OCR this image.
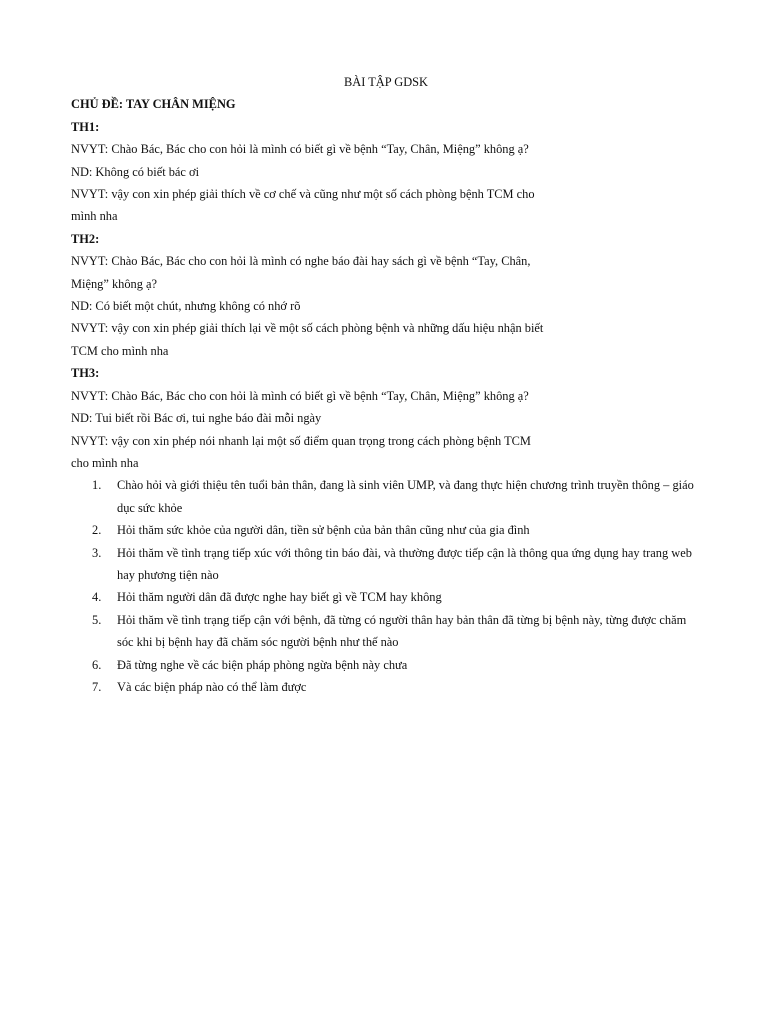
BÀI TẬP GDSK

CHỦ ĐỀ: TAY CHÂN MIỆNG

TH1:

NVYT: Chào Bác, Bác cho con hỏi là mình có biết gì về bệnh “Tay, Chân, Miệng” không ạ?

ND: Không có biết bác ơi

NVYT: vậy con xin phép giải thích về cơ chế và cũng như một số cách phòng bệnh TCM cho mình nha

TH2:

NVYT: Chào Bác, Bác cho con hỏi là mình có nghe báo đài hay sách gì về bệnh “Tay, Chân, Miệng” không ạ?

ND: Có biết một chút, nhưng không có nhớ rõ

NVYT: vậy con xin phép giải thích lại về một số cách phòng bệnh và những dấu hiệu nhận biết TCM cho mình nha

TH3:

NVYT: Chào Bác, Bác cho con hỏi là mình có biết gì về bệnh “Tay, Chân, Miệng” không ạ?

ND: Tui biết rồi Bác ơi, tui nghe báo đài mỗi ngày

NVYT: vậy con xin phép nói nhanh lại một số điểm quan trọng trong cách phòng bệnh TCM cho mình nha

1. Chào hỏi và giới thiệu tên tuổi bản thân, đang là sinh viên UMP, và đang thực hiện chương trình truyền thông – giáo dục sức khỏe
2. Hỏi thăm sức khỏe của người dân, tiền sử bệnh của bản thân cũng như của gia đình
3. Hỏi thăm về tình trạng tiếp xúc với thông tin báo đài, và thường được tiếp cận là thông qua ứng dụng hay trang web hay phương tiện nào
4. Hỏi thăm người dân đã được nghe hay biết gì về TCM hay không
5. Hỏi thăm về tình trạng tiếp cận với bệnh, đã từng có người thân hay bản thân đã từng bị bệnh này, từng được chăm sóc khi bị bệnh hay đã chăm sóc người bệnh như thế nào
6. Đã từng nghe về các biện pháp phòng ngừa bệnh này chưa
7. Và các biện pháp nào có thể làm được
